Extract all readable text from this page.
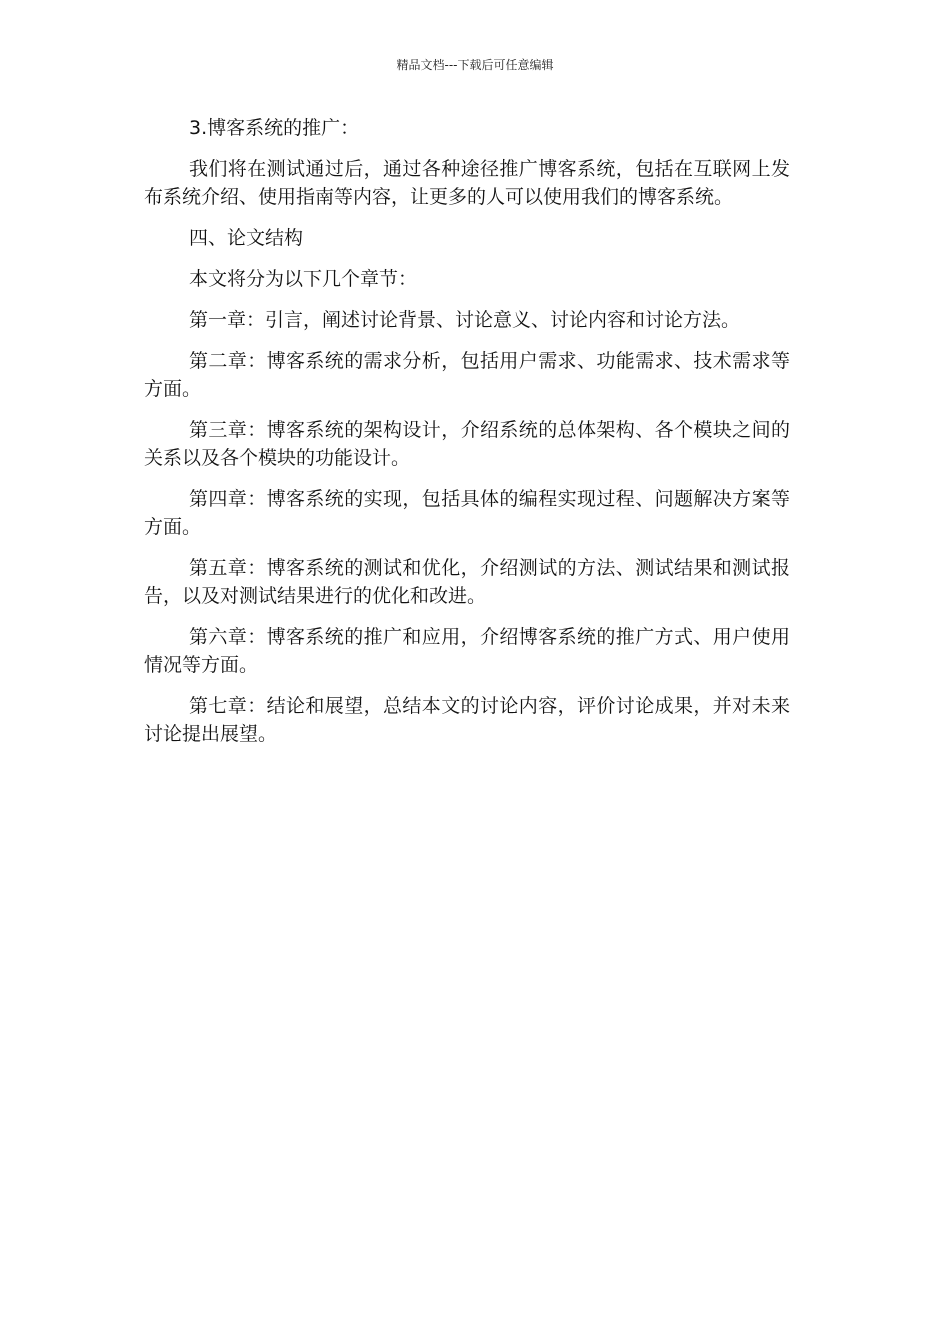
精品文档---下载后可任意编辑

3.博客系统的推广：

我们将在测试通过后，通过各种途径推广博客系统，包括在互联网上发布系统介绍、使用指南等内容，让更多的人可以使用我们的博客系统。

四、论文结构

本文将分为以下几个章节：

第一章：引言，阐述讨论背景、讨论意义、讨论内容和讨论方法。

第二章：博客系统的需求分析，包括用户需求、功能需求、技术需求等方面。

第三章：博客系统的架构设计，介绍系统的总体架构、各个模块之间的关系以及各个模块的功能设计。

第四章：博客系统的实现，包括具体的编程实现过程、问题解决方案等方面。

第五章：博客系统的测试和优化，介绍测试的方法、测试结果和测试报告，以及对测试结果进行的优化和改进。

第六章：博客系统的推广和应用，介绍博客系统的推广方式、用户使用情况等方面。

第七章：结论和展望，总结本文的讨论内容，评价讨论成果，并对未来讨论提出展望。
